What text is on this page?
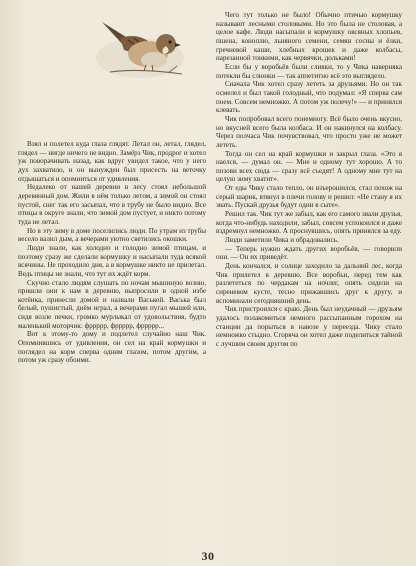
Взял и полетел куда глаза глядят. Летал он, летал, глядел, глядел — нигде ничего не видно. Замёрз Чик, продрог и хотел уж поворачивать назад, как вдруг увидел такое, что у него дух захватило, и он вынужден был присесть на веточку отдышаться и опомниться от удивления.

Недалеко от нашей деревни в лесу стоял небольшой деревянный дом. Жили в нём только летом, а зимой он стоял пустой, снег так его засыпал, что в трубу не было видно. Все птицы в округе знали, что зимой дом пустует, и никто потому туда не летал.

Но в эту зиму в доме поселились люди. По утрам из трубы весело валил дым, а вечерами уютно светились окошки.

Люди знали, как холодно и голодно зимой птицам, и поэтому сразу же сделали кормушку и насыпали туда всякой всячины. Не проходило дня, а в кормушке никто не прилетал. Ведь птицы не знали, что тут их ждёт корм.

Скучно стало людям слушать по ночам мышиную возню, пришли они к нам в деревню, выпросили в одной избе котёнка, принесли домой и назвали Васькой. Васька был белый, пушистый, днём играл, а вечерами пугал мышей или, сидя возле печки, громко мурлыкал от удовольствия, будто маленький моторчик: фррррр, фррррр, фррррр...

Вот к этому-то дому и подлетел случайно наш Чик. Опомнившись от удивления, он сел на край кормушки и поглядел на корм сперва одним глазом, потом другим, а потом уж сразу обоими.

Чего тут только не было! Обычно птичью кормушку называют лесными столовыми. Но это была не столовая, а целое кафе. Люди насыпали в кормушку овсяных хлопьев, пшена, коноплю, льняного семени, семян сосны и ёлки, гречневой каши, хлебных крошек и даже колбасы, нарезанной тонкими, как червячки, дольками!

Если бы у воробьёв были сливки, то у Чика наверняка потекли бы слюнки — так аппетитно всё это выглядело.

Сначала Чик хотел сразу лететь за друзьями. Но он так осмелел и был такой голодный, что подумал: «Я сперва сам поем. Совсем немножко. А потом уж полечу!» — и принялся клевать.

Чик попробовал всего понемногу. Всё было очень вкусно, но вкусней всего была колбаса. И он накинулся на колбасу. Через полчаса Чик почувствовал, что просто уже не может лететь.

Тогда он сел на край кормушки и закрыл глаза. «Это я наелся, — думал он. — Мне и одному тут хорошо. А то позови всех сюда — сразу всё съедят! А одному мне тут на целую зиму хватит».

От еды Чику стало тепло, он взъерошился, стал похож на серый шарик, втянул в плечи голову и решил: «Не стану я их звать. Пускай друзья будут одни в сыте».

Решил так. Чик тут же забыл, как его самого звали друзья, когда что-нибудь находили, забыл, совсем успокоился и даже вздремнул немножко. А проснувшись, опять принялся за еду.

Люди заметили Чика и обрадовались.

— Теперь нужно ждать других воробьёв, — говорили они. — Он их приведёт.

День кончался, и солнце заходило за дальний лес, когда Чик прилетел в деревню. Все воробьи, перед тем как разлететься по чердакам на ночлег, опять сидели на сиреневом кусте, тесно прижавшись друг к другу, и вспоминали сегодняшний день.

Чик пристроился с краю. День был неудачный — друзьям удалось полакомиться немного рассыпанным горохом на станции да порыться в навозе у переезда. Чику стало немножко стыдно. Сгоряча он хотел даже поделиться тайной с лучшим своим другом по

30
